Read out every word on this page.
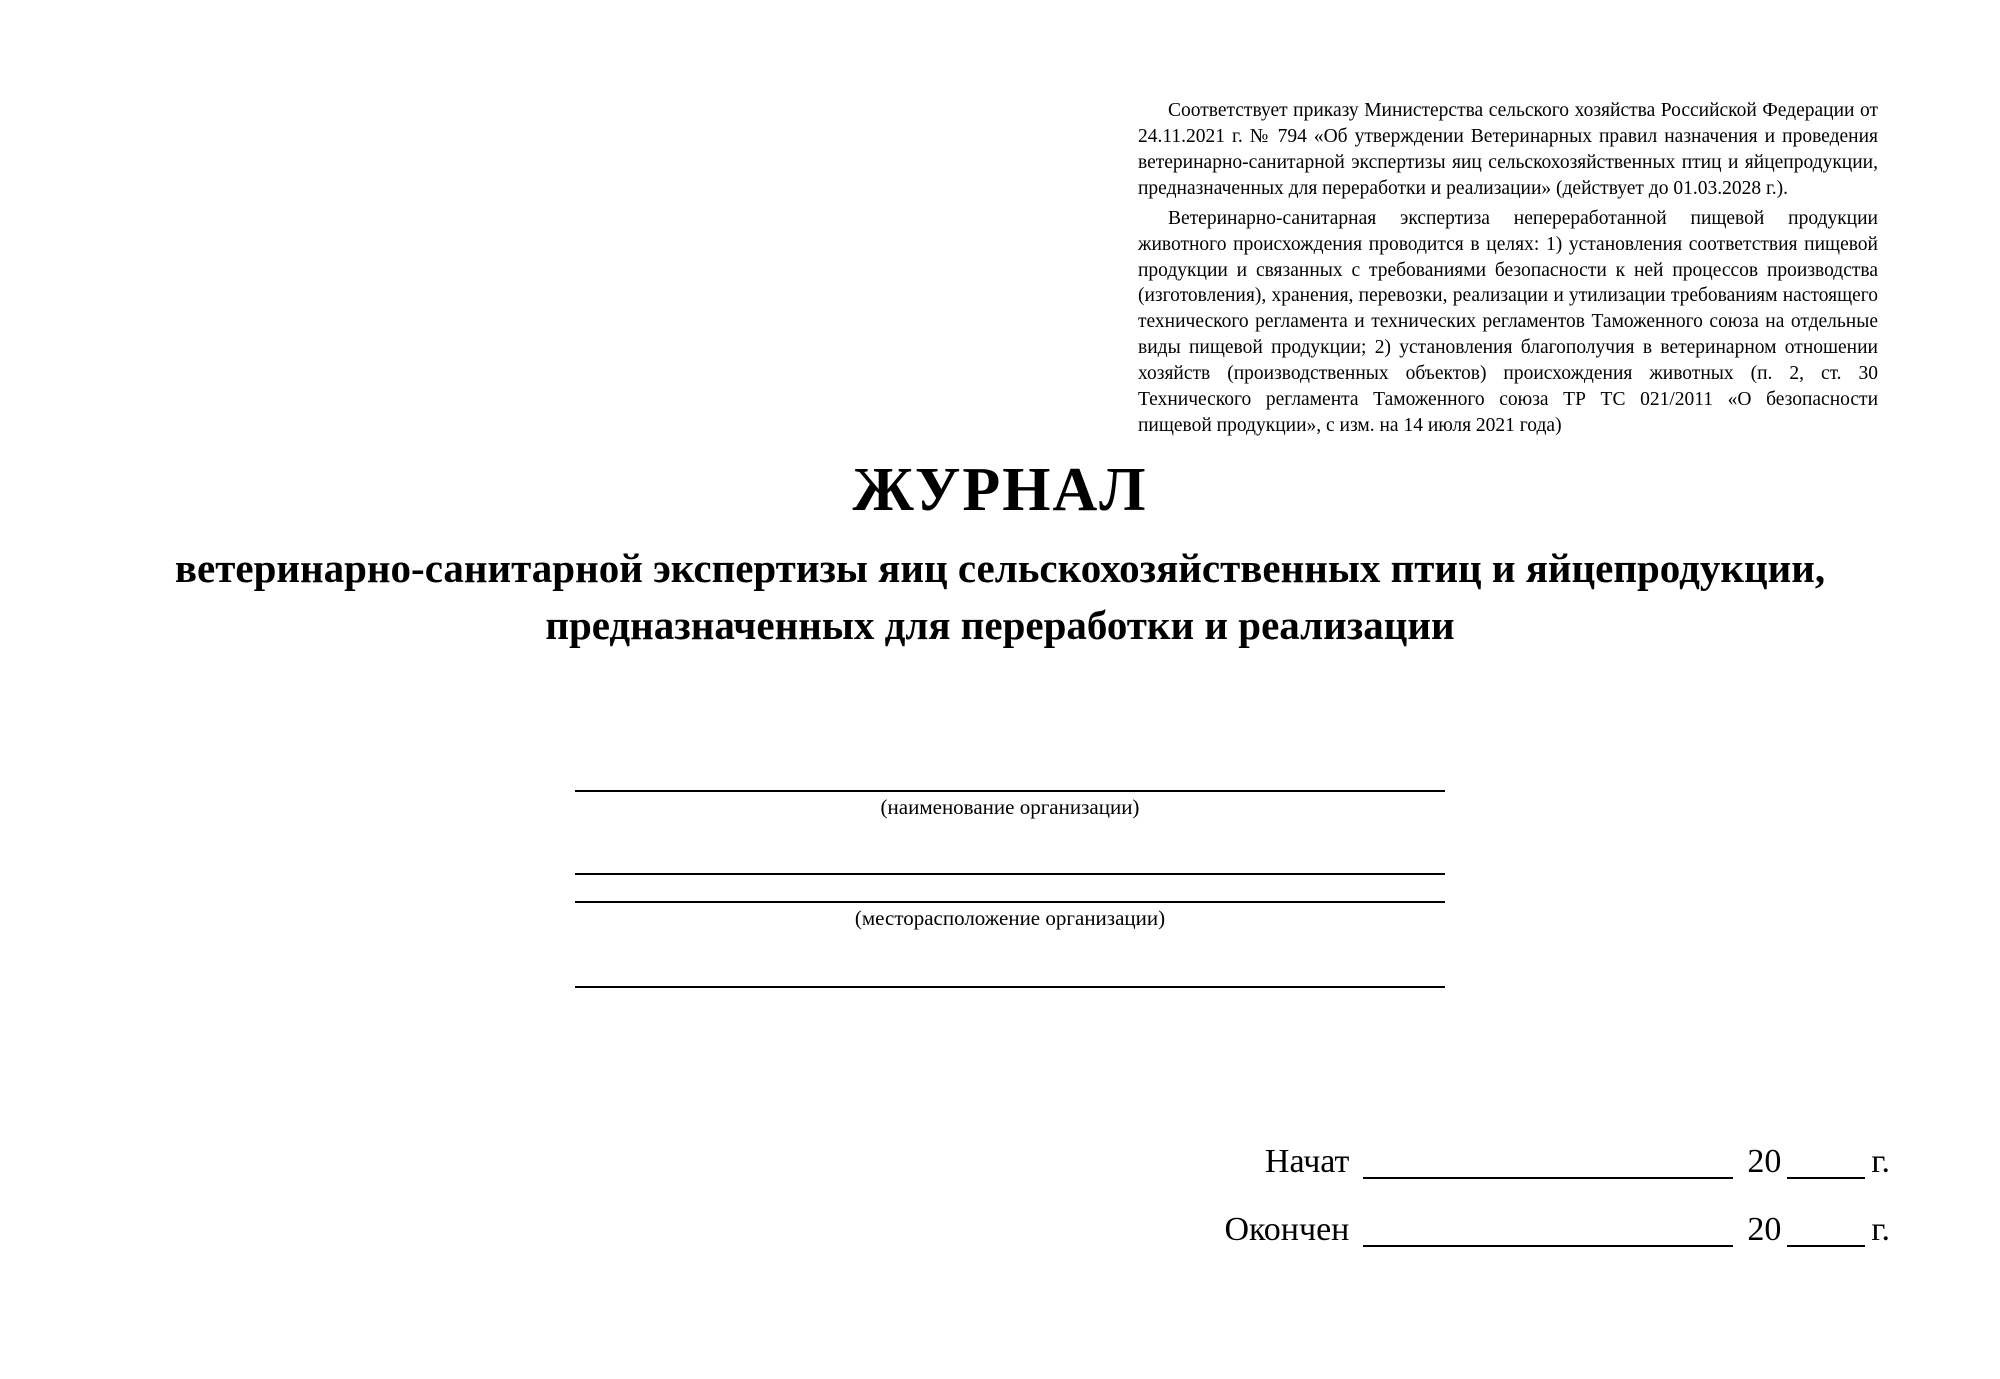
Соответствует приказу Министерства сельского хозяйства Российской Федерации от 24.11.2021 г. № 794 «Об утверждении Ветеринарных правил назначения и проведения ветеринарно-санитарной экспертизы яиц сельскохозяйственных птиц и яйцепродукции, предназначенных для переработки и реализации» (действует до 01.03.2028 г.).

Ветеринарно-санитарная экспертиза непереработанной пищевой продукции животного происхождения проводится в целях: 1) установления соответствия пищевой продукции и связанных с требованиями безопасности к ней процессов производства (изготовления), хранения, перевозки, реализации и утилизации требованиям настоящего технического регламента и технических регламентов Таможенного союза на отдельные виды пищевой продукции; 2) установления благополучия в ветеринарном отношении хозяйств (производственных объектов) происхождения животных (п. 2, ст. 30 Технического регламента Таможенного союза ТР ТС 021/2011 «О безопасности пищевой продукции», с изм. на 14 июля 2021 года)

ЖУРНАЛ
ветеринарно-санитарной экспертизы яиц сельскохозяйственных птиц и яйцепродукции, предназначенных для переработки и реализации
(наименование организации)
(месторасположение организации)
Начат	20	г.
Окончен	20	г.
